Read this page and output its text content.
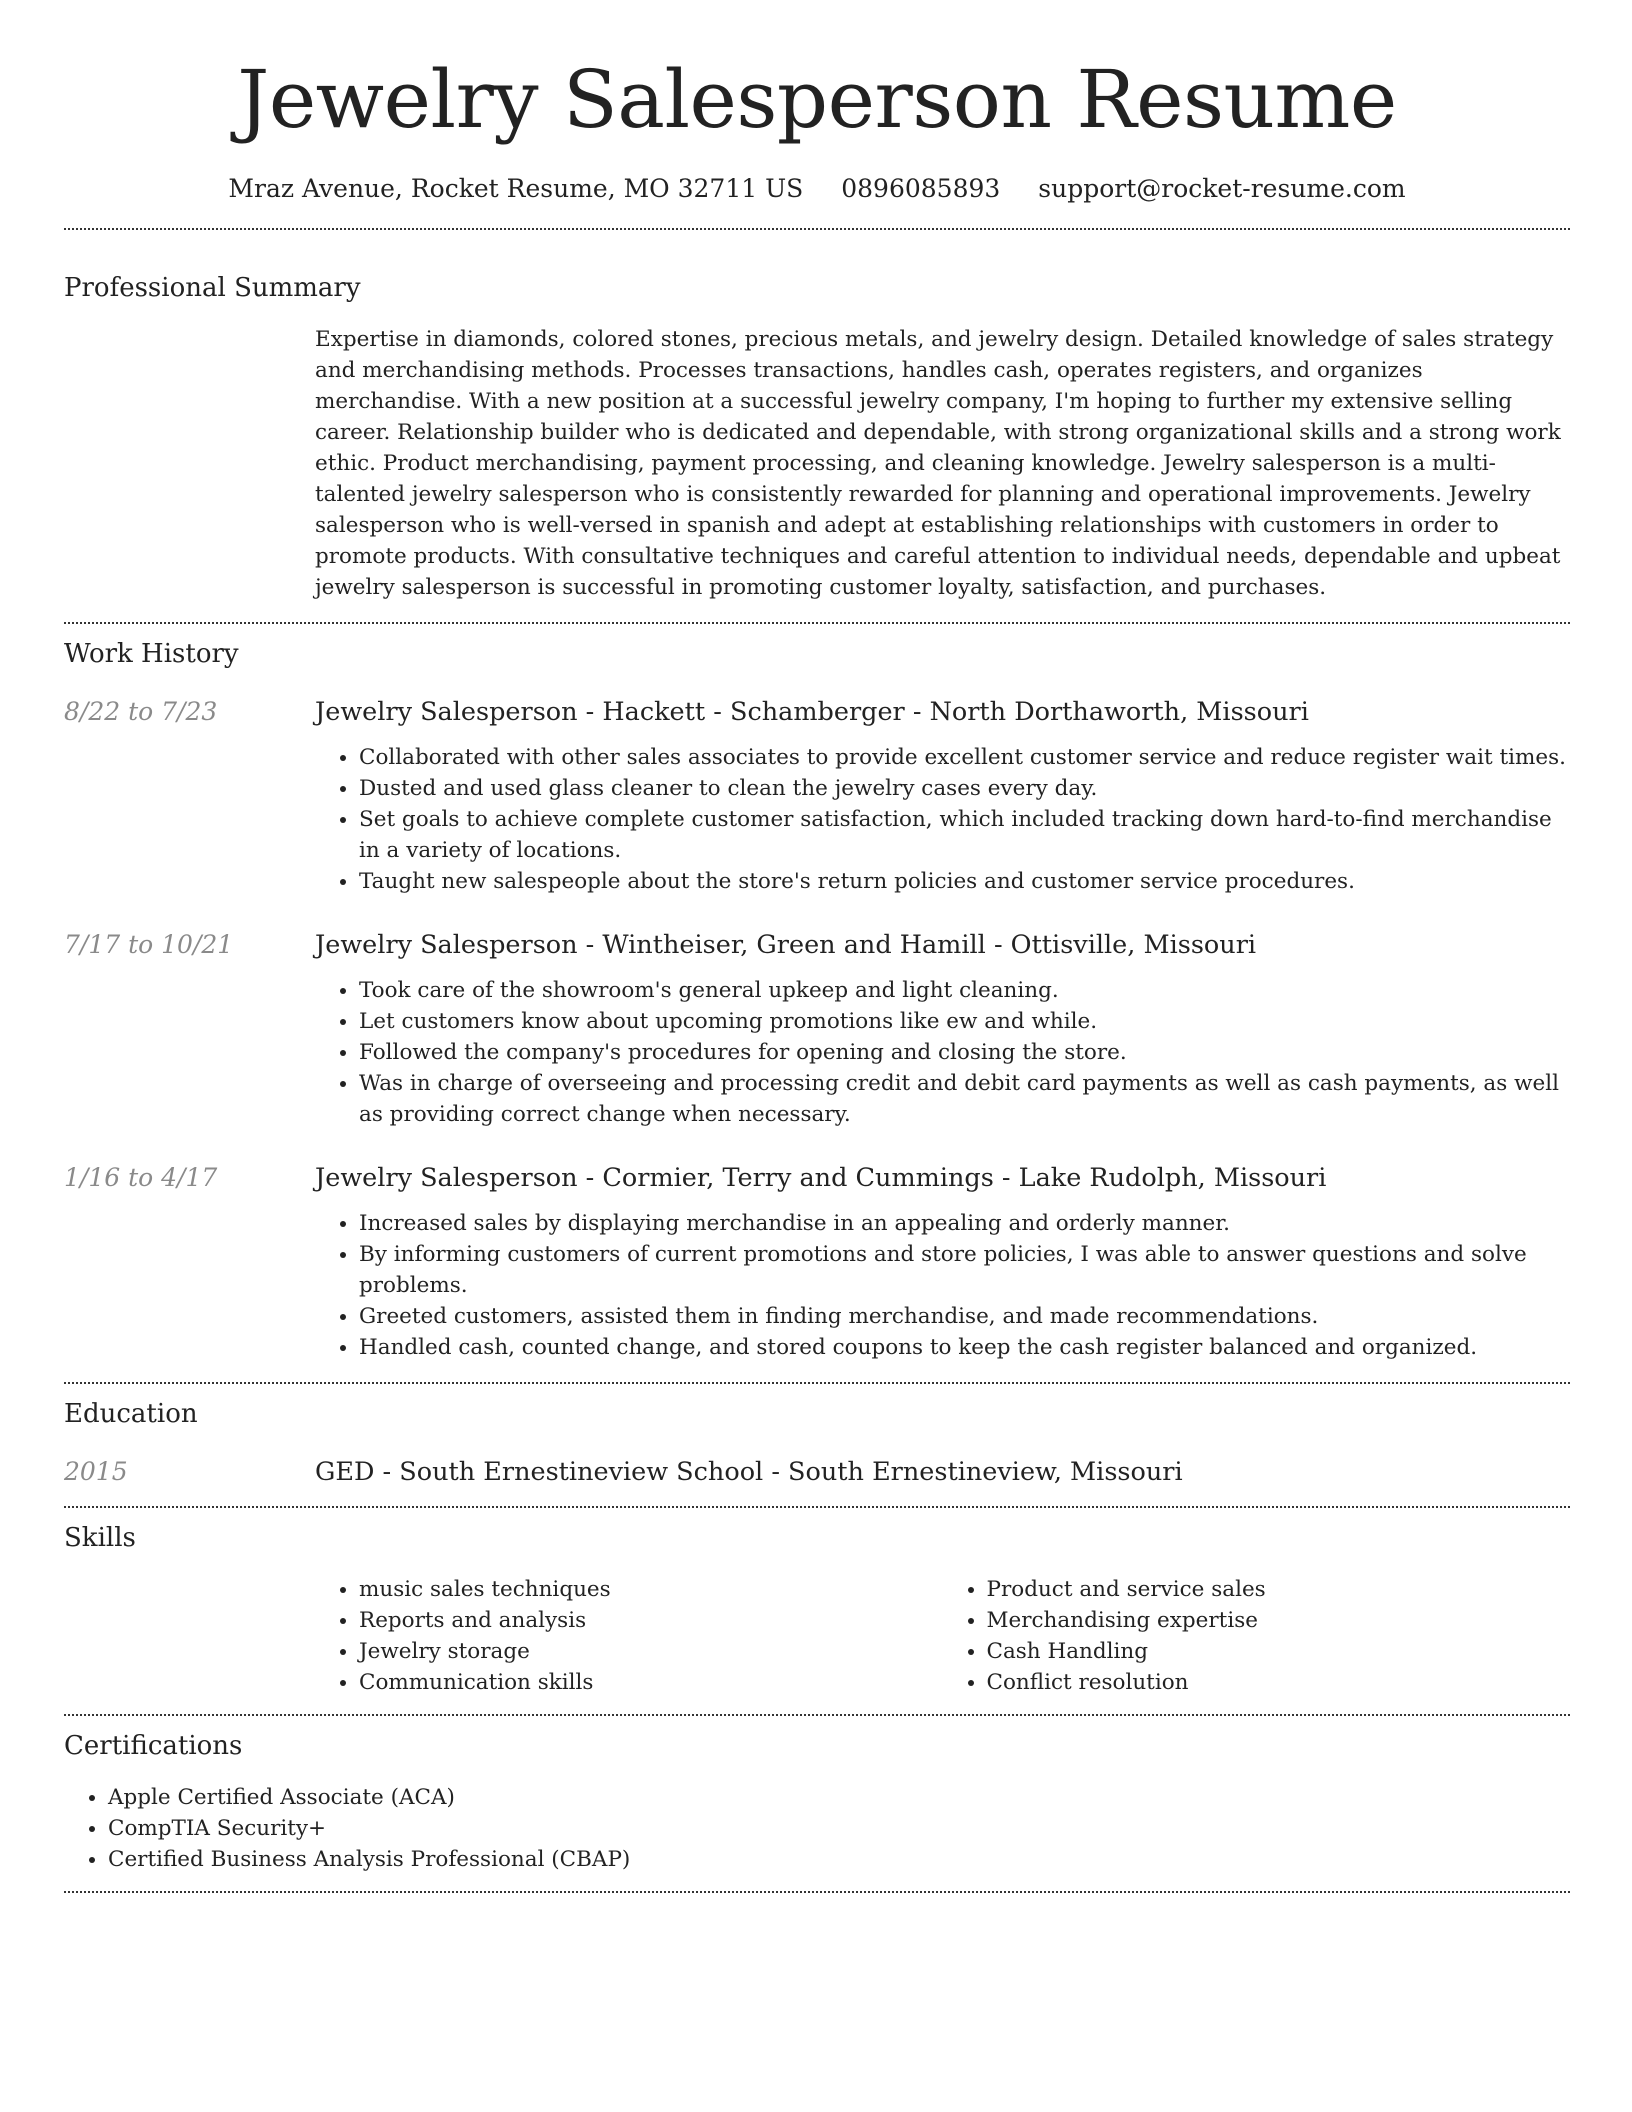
Jewelry Salesperson Resume
Mraz Avenue, Rocket Resume, MO 32711 US 0896085893 support@rocket-resume.com
Professional Summary
Expertise in diamonds, colored stones, precious metals, and jewelry design. Detailed knowledge of sales strategy and merchandising methods. Processes transactions, handles cash, operates registers, and organizes merchandise. With a new position at a successful jewelry company, I'm hoping to further my extensive selling career. Relationship builder who is dedicated and dependable, with strong organizational skills and a strong work ethic. Product merchandising, payment processing, and cleaning knowledge. Jewelry salesperson is a multi-talented jewelry salesperson who is consistently rewarded for planning and operational improvements. Jewelry salesperson who is well-versed in spanish and adept at establishing relationships with customers in order to promote products. With consultative techniques and careful attention to individual needs, dependable and upbeat jewelry salesperson is successful in promoting customer loyalty, satisfaction, and purchases.
Work History
8/22 to 7/23	Jewelry Salesperson - Hackett - Schamberger - North Dorthaworth, Missouri
• Collaborated with other sales associates to provide excellent customer service and reduce register wait times.
• Dusted and used glass cleaner to clean the jewelry cases every day.
• Set goals to achieve complete customer satisfaction, which included tracking down hard-to-find merchandise in a variety of locations.
• Taught new salespeople about the store's return policies and customer service procedures.
7/17 to 10/21	Jewelry Salesperson - Wintheiser, Green and Hamill - Ottisville, Missouri
• Took care of the showroom's general upkeep and light cleaning.
• Let customers know about upcoming promotions like ew and while.
• Followed the company's procedures for opening and closing the store.
• Was in charge of overseeing and processing credit and debit card payments as well as cash payments, as well as providing correct change when necessary.
1/16 to 4/17	Jewelry Salesperson - Cormier, Terry and Cummings - Lake Rudolph, Missouri
• Increased sales by displaying merchandise in an appealing and orderly manner.
• By informing customers of current promotions and store policies, I was able to answer questions and solve problems.
• Greeted customers, assisted them in finding merchandise, and made recommendations.
• Handled cash, counted change, and stored coupons to keep the cash register balanced and organized.
Education
2015	GED - South Ernestineview School - South Ernestineview, Missouri
Skills
• music sales techniques
• Reports and analysis
• Jewelry storage
• Communication skills
• Product and service sales
• Merchandising expertise
• Cash Handling
• Conflict resolution
Certifications
• Apple Certified Associate (ACA)
• CompTIA Security+
• Certified Business Analysis Professional (CBAP)
